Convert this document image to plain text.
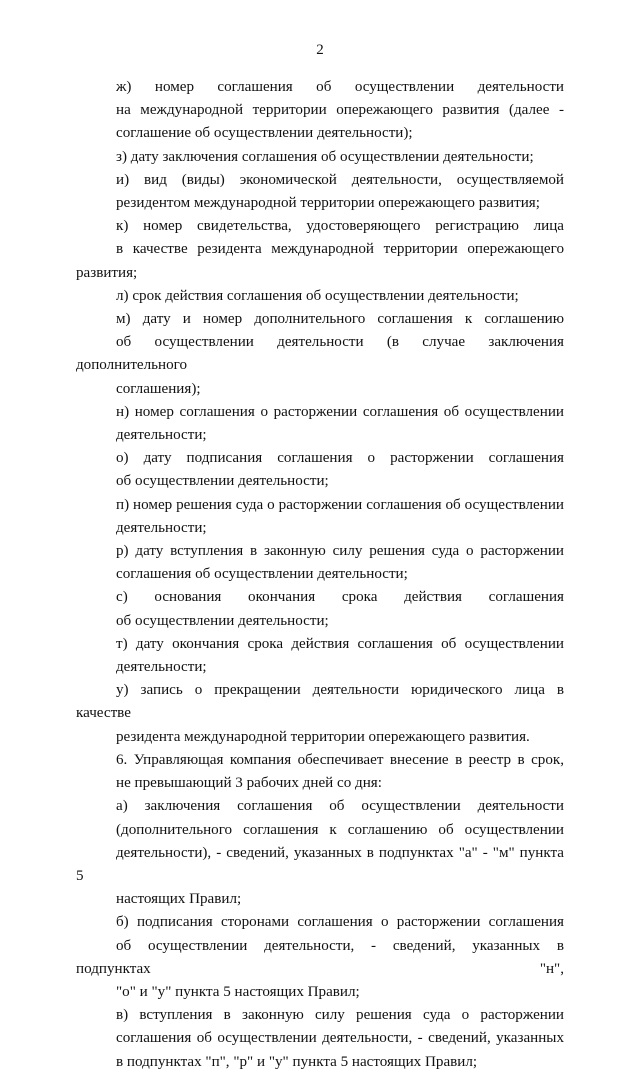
2

ж) номер соглашения об осуществлении деятельности
на международной территории опережающего развития (далее -
соглашение об осуществлении деятельности);

з) дату заключения соглашения об осуществлении деятельности;

и) вид (виды) экономической деятельности, осуществляемой
резидентом международной территории опережающего развития;

к) номер свидетельства, удостоверяющего регистрацию лица
в качестве резидента международной территории опережающего развития;

л) срок действия соглашения об осуществлении деятельности;

м) дату и номер дополнительного соглашения к соглашению
об осуществлении деятельности (в случае заключения дополнительного
соглашения);

н) номер соглашения о расторжении соглашения об осуществлении
деятельности;

о) дату подписания соглашения о расторжении соглашения
об осуществлении деятельности;

п) номер решения суда о расторжении соглашения об осуществлении
деятельности;

р) дату вступления в законную силу решения суда о расторжении
соглашения об осуществлении деятельности;

с) основания окончания срока действия соглашения
об осуществлении деятельности;

т) дату окончания срока действия соглашения об осуществлении
деятельности;

у) запись о прекращении деятельности юридического лица в качестве
резидента международной территории опережающего развития.

6. Управляющая компания обеспечивает внесение в реестр в срок,
не превышающий 3 рабочих дней со дня:

а) заключения соглашения об осуществлении деятельности
(дополнительного соглашения к соглашению об осуществлении
деятельности), - сведений, указанных в подпунктах "а" - "м" пункта 5
настоящих Правил;

б) подписания сторонами соглашения о расторжении соглашения
об осуществлении деятельности, - сведений, указанных в подпунктах "н",
"о" и "у" пункта 5 настоящих Правил;

в) вступления в законную силу решения суда о расторжении
соглашения об осуществлении деятельности, - сведений, указанных
в подпунктах "п", "р" и "у" пункта 5 настоящих Правил;
